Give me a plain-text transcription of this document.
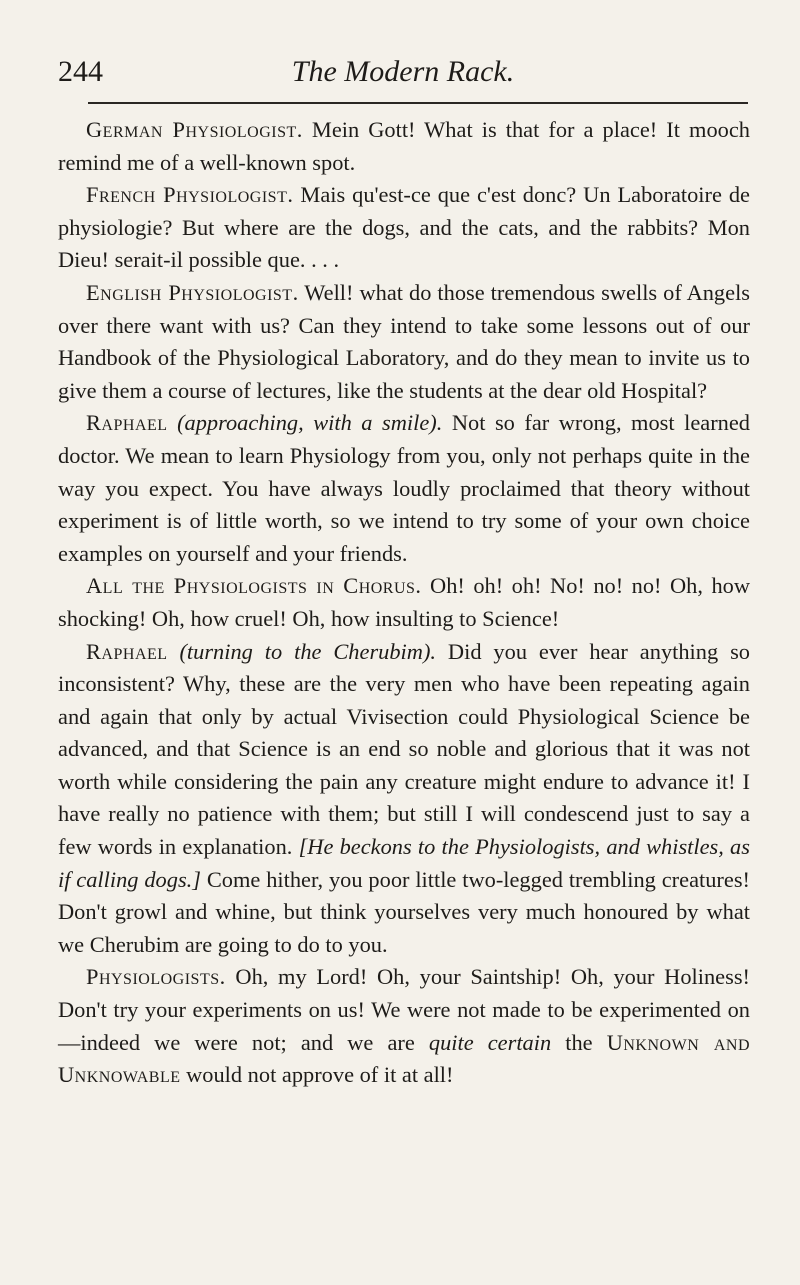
244	The Modern Rack.

German Physiologist. Mein Gott! What is that for a place! It mooch remind me of a well-known spot.

French Physiologist. Mais qu'est-ce que c'est donc? Un Laboratoire de physiologie? But where are the dogs, and the cats, and the rabbits? Mon Dieu! serait-il possible que. . . .

English Physiologist. Well! what do those tremendous swells of Angels over there want with us? Can they intend to take some lessons out of our Handbook of the Physiological Laboratory, and do they mean to invite us to give them a course of lectures, like the students at the dear old Hospital?

Raphael (approaching, with a smile). Not so far wrong, most learned doctor. We mean to learn Physiology from you, only not perhaps quite in the way you expect. You have always loudly proclaimed that theory without experiment is of little worth, so we intend to try some of your own choice examples on yourself and your friends.

All the Physiologists in Chorus. Oh! oh! oh! No! no! no! Oh, how shocking! Oh, how cruel! Oh, how insulting to Science!

Raphael (turning to the Cherubim). Did you ever hear anything so inconsistent? Why, these are the very men who have been repeating again and again that only by actual Vivisection could Physiological Science be advanced, and that Science is an end so noble and glorious that it was not worth while considering the pain any creature might endure to advance it! I have really no patience with them; but still I will condescend just to say a few words in explanation. [He beckons to the Physiologists, and whistles, as if calling dogs.] Come hither, you poor little two-legged trembling creatures! Don't growl and whine, but think yourselves very much honoured by what we Cherubim are going to do to you.

Physiologists. Oh, my Lord! Oh, your Saintship! Oh, your Holiness! Don't try your experiments on us! We were not made to be experimented on—indeed we were not; and we are quite certain the Unknown and Unknowable would not approve of it at all!
